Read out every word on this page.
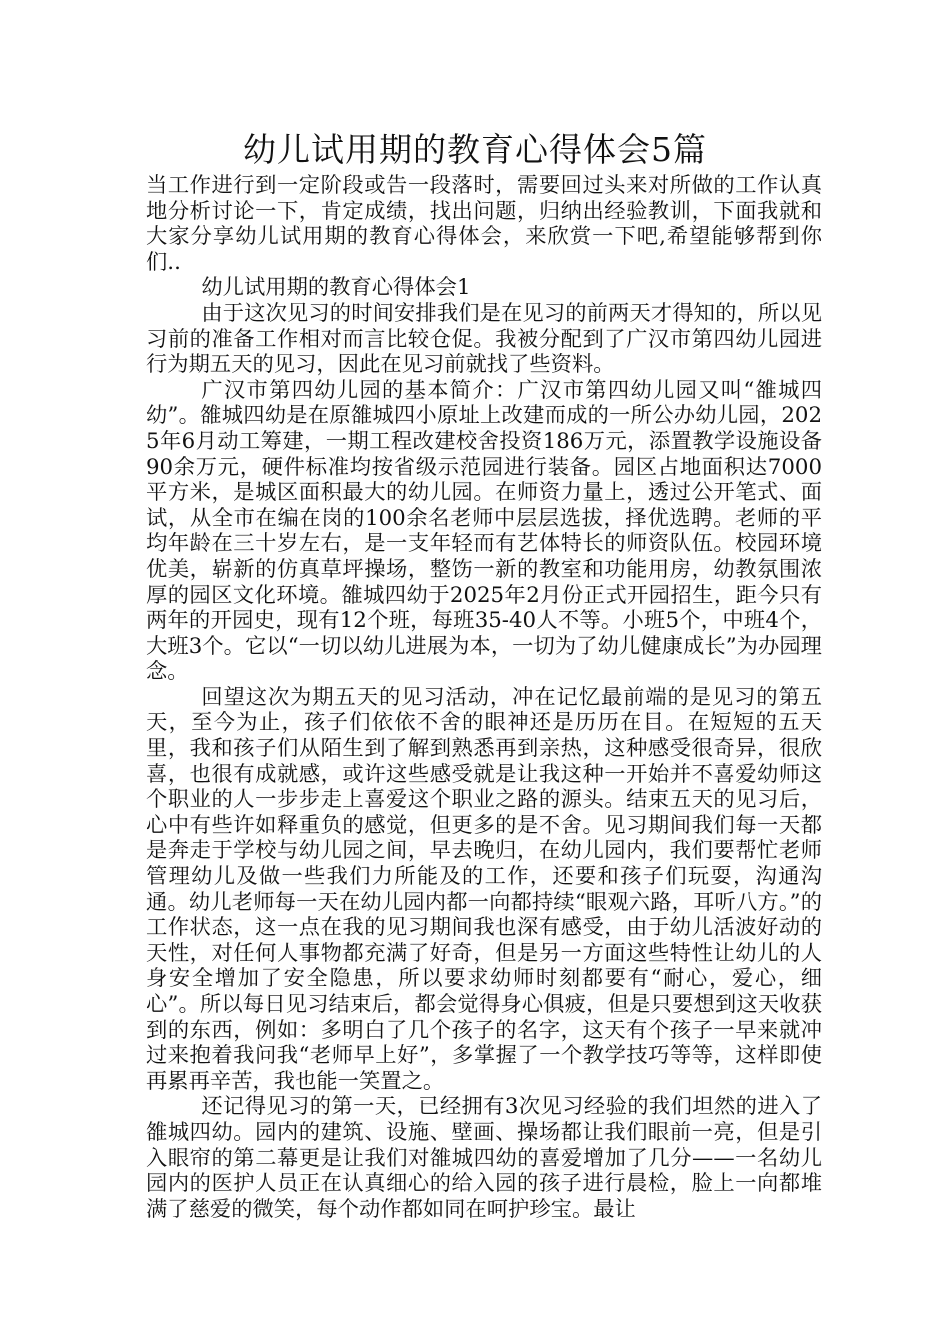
幼儿试用期的教育心得体会5篇

当工作进行到一定阶段或告一段落时，需要回过头来对所做的工作认真地分析讨论一下，肯定成绩，找出问题，归纳出经验教训，下面我就和大家分享幼儿试用期的教育心得体会，来欣赏一下吧,希望能够帮到你们..

幼儿试用期的教育心得体会1

由于这次见习的时间安排我们是在见习的前两天才得知的，所以见习前的准备工作相对而言比较仓促。我被分配到了广汉市第四幼儿园进行为期五天的见习，因此在见习前就找了些资料。

广汉市第四幼儿园的基本简介：广汉市第四幼儿园又叫“雒城四幼”。雒城四幼是在原雒城四小原址上改建而成的一所公办幼儿园，2025年6月动工筹建，一期工程改建校舍投资186万元，添置教学设施设备90余万元，硬件标准均按省级示范园进行装备。园区占地面积达7000平方米，是城区面积最大的幼儿园。在师资力量上，透过公开笔式、面试，从全市在编在岗的100余名老师中层层选拔，择优选聘。老师的平均年龄在三十岁左右，是一支年轻而有艺体特长的师资队伍。校园环境优美，崭新的仿真草坪操场，整饬一新的教室和功能用房，幼教氛围浓厚的园区文化环境。雒城四幼于2025年2月份正式开园招生，距今只有两年的开园史，现有12个班，每班35-40人不等。小班5个，中班4个，大班3个。它以“一切以幼儿进展为本，一切为了幼儿健康成长”为办园理念。

回望这次为期五天的见习活动，冲在记忆最前端的是见习的第五天，至今为止，孩子们依依不舍的眼神还是历历在目。在短短的五天里，我和孩子们从陌生到了解到熟悉再到亲热，这种感受很奇异，很欣喜，也很有成就感，或许这些感受就是让我这种一开始并不喜爱幼师这个职业的人一步步走上喜爱这个职业之路的源头。结束五天的见习后，心中有些许如释重负的感觉，但更多的是不舍。见习期间我们每一天都是奔走于学校与幼儿园之间，早去晚归，在幼儿园内，我们要帮忙老师管理幼儿及做一些我们力所能及的工作，还要和孩子们玩耍，沟通沟通。幼儿老师每一天在幼儿园内都一向都持续“眼观六路，耳听八方。”的工作状态，这一点在我的见习期间我也深有感受，由于幼儿活波好动的天性，对任何人事物都充满了好奇，但是另一方面这些特性让幼儿的人身安全增加了安全隐患，所以要求幼师时刻都要有“耐心，爱心，细心”。所以每日见习结束后，都会觉得身心俱疲，但是只要想到这天收获到的东西，例如：多明白了几个孩子的名字，这天有个孩子一早来就冲过来抱着我问我“老师早上好”，多掌握了一个教学技巧等等，这样即使再累再辛苦，我也能一笑置之。

还记得见习的第一天，已经拥有3次见习经验的我们坦然的进入了雒城四幼。园内的建筑、设施、壁画、操场都让我们眼前一亮，但是引入眼帘的第二幕更是让我们对雒城四幼的喜爱增加了几分——一名幼儿园内的医护人员正在认真细心的给入园的孩子进行晨检，脸上一向都堆满了慈爱的微笑，每个动作都如同在呵护珍宝。最让
